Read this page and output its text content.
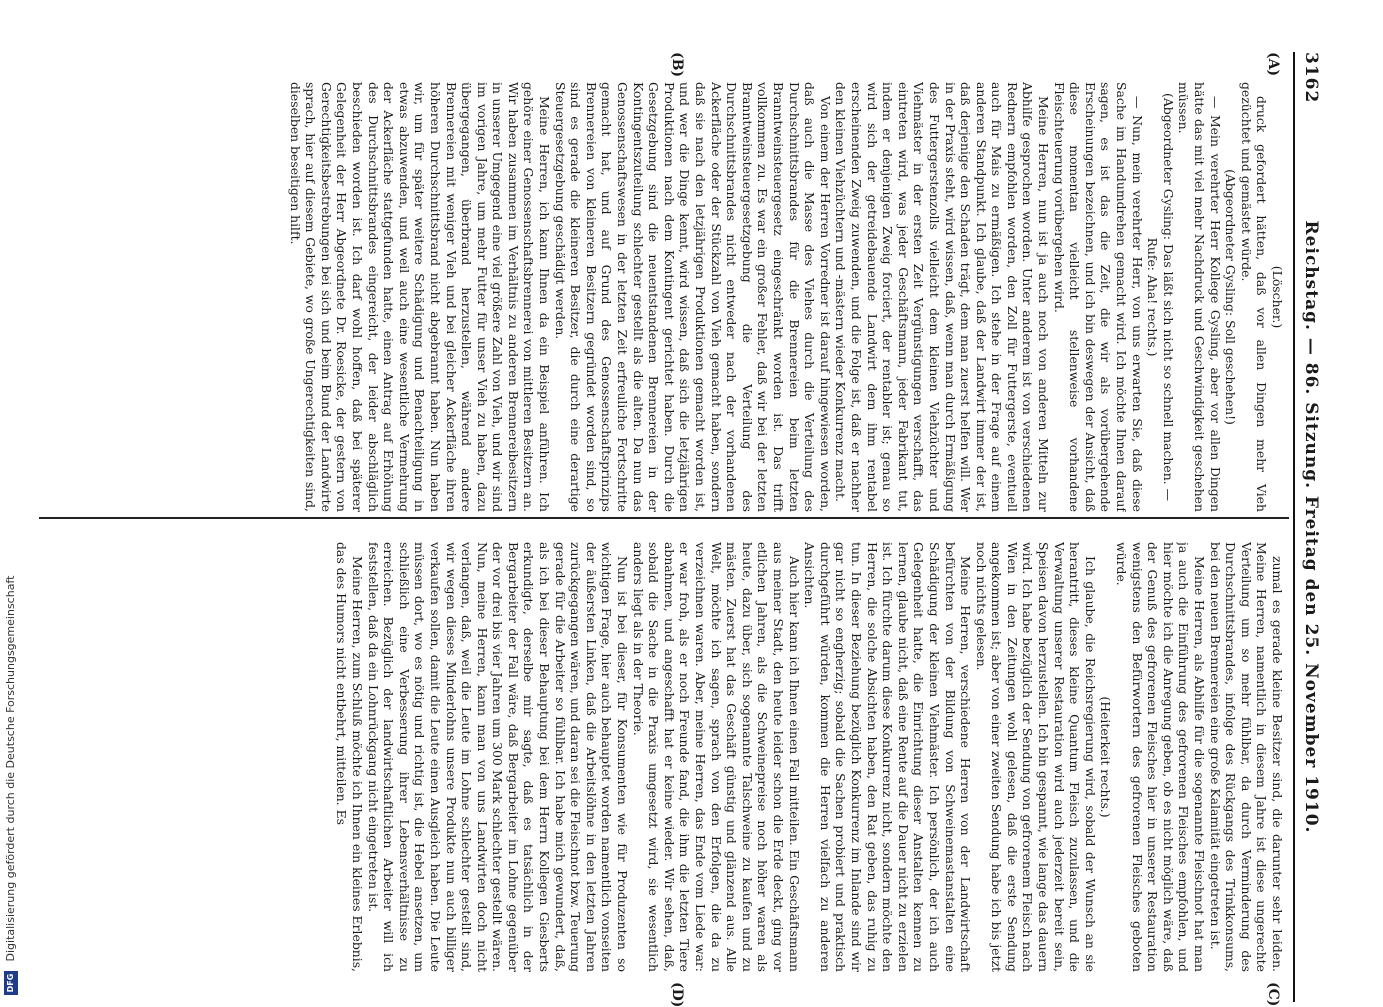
3162
Reichstag. — 86. Sitzung. Freitag den 25. November 1910.
(A)
(B)
(C)
(D)

(Löscher.)

druck gefordert hätten, daß vor allen Dingen mehr Vieh gezüchtet und gemästet würde.

(Abgeordneter Gysling: Soll geschehen!)

— Mein verehrter Herr Kollege Gysling, aber vor allen Dingen hätte das mit viel mehr Nachdruck und Geschwindigkeit geschehen müssen.

(Abgeordneter Gysling: Das läßt sich nicht so schnell machen. — Rufe: Aha! rechts.)

— Nun, mein verehrter Herr, von uns erwarten Sie, daß diese Sache im Handumdrehen gemacht wird. Ich möchte Ihnen darauf sagen, es ist das die Zeit, die wir als vorübergehende Erscheinungen bezeichnen, und ich bin deswegen der Ansicht, daß diese momentan vielleicht stellenweise vorhandene Fleischteuerung vorübergehen wird.

Meine Herren, nun ist ja auch noch von anderen Mitteln zur Abhilfe gesprochen worden. Unter anderem ist von verschiedenen Rednern empfohlen worden, den Zoll für Futtergerste, eventuell auch für Mais zu ermäßigen. Ich stehe in der Frage auf einem anderen Standpunkt. Ich glaube, daß der Landwirt immer der ist, daß derjenige den Schaden trägt, dem man zuerst helfen will. Wer in der Praxis steht, wird wissen, daß, wenn man durch Ermäßigung des Futtergerstenzolls vielleicht dem kleinen Viehzüchter und Viehmäster in der ersten Zeit Vergünstigungen verschafft, das eintreten wird, was jeder Geschäftsmann, jeder Fabrikant tut, indem er denjenigen Zweig forciert, der rentabler ist; genau so wird sich der getreidebauende Landwirt dem ihm rentabel erscheinenden Zweig zuwenden, und die Folge ist, daß er nachher den kleinen Viehzüchtern und -mästern wieder Konkurrenz macht.

Von einem der Herren Vorredner ist darauf hingewiesen worden, daß auch die Masse des Viehes durch die Verteilung des Durchschnittsbrandes für die Brennereien beim letzten Branntweinsteuergesetz eingeschränkt worden ist. Das trifft vollkommen zu. Es war ein großer Fehler, daß wir bei der letzten Branntweinsteuergesetzgebung die Verteilung des Durchschnittsbrandes nicht entweder nach der vorhandenen Ackerfläche oder der Stückzahl von Vieh gemacht haben, sondern daß sie nach den letzjährigen Produktionen gemacht worden ist, und wer die Dinge kennt, wird wissen, daß sich die letzjährigen Produktionen nach dem Kontingent gerichtet haben. Durch die Gesetzgebung sind die neuentstandenen Brennereien in der Kontingentszuteilung schlechter gestellt als die alten. Da nun das Genossenschaftswesen in der letzten Zeit erfreuliche Fortschritte gemacht hat, und auf Grund des Genossenschaftsprinzips Brennereien von kleineren Besitzern gegründet worden sind, so sind es gerade die kleineren Besitzer, die durch eine derartige Steuergesetzgebung geschädigt werden.

Meine Herren, ich kann Ihnen da ein Beispiel anführen. Ich gehöre einer Genossenschaftsbrennerei von mittleren Besitzern an. Wir haben zusammen im Verhältnis zu anderen Brennereibesitzern in unserer Umgegend eine viel größere Zahl von Vieh, und wir sind im vorigen Jahre, um mehr Futter für unser Vieh zu haben, dazu übergegangen, überbrand herzustellen, während andere Brennereien mit weniger Vieh und bei gleicher Ackerfläche ihren höheren Durchschnittsbrand nicht abgebrannt haben. Nun haben wir, um für später weitere Schädigung und Benachteiligung in etwas abzuwenden, und weil auch eine wesentliche Vermehrung der Ackerfläche stattgefunden hatte, einen Antrag auf Erhöhung des Durchschnittsbrandes eingereicht, der leider abschläglich beschieden worden ist. Ich darf wohl hoffen, daß bei späterer Gelegenheit der Herr Abgeordnete Dr. Roesicke, der gestern von Gerechtigkeitsbestrebungen bei sich und beim Bund der Landwirte sprach, hier auf diesem Gebiete, wo große Ungerechtigkeiten sind, dieselben beseitigen hilft.

zumal es gerade kleine Besitzer sind, die darunter sehr leiden. Meine Herren, namentlich in diesem Jahre ist diese ungerechte Verteilung um so mehr fühlbar, da durch Verminderung des Durchschnittsbrandes, infolge des Rückgangs des Trinkkonsums, bei den neuen Brennereien eine große Kalamität eingetreten ist.

Meine Herren, als Abhilfe für die sogenannte Fleischnot hat man ja auch die Einführung des gefrorenen Fleisches empfohlen, und hier möchte ich die Anregung geben, ob es nicht möglich wäre, daß der Genuß des gefrorenen Fleisches hier in unserer Restauration wenigstens den Befürwortern des gefrorenen Fleisches geboten würde.

(Heiterkeit rechts.)

Ich glaube, die Reichsregierung wird, sobald der Wunsch an sie herantritt, dieses kleine Quantum Fleisch zuzulassen, und die Verwaltung unserer Restauration wird auch jederzeit bereit sein, Speisen davon herzustellen. Ich bin gespannt, wie lange das dauern wird. Ich habe bezüglich der Sendung von gefrorenem Fleisch nach Wien in den Zeitungen wohl gelesen, daß die erste Sendung angekommen ist; aber von einer zweiten Sendung habe ich bis jetzt noch nichts gelesen.

Meine Herren, verschiedene Herren von der Landwirtschaft befürchten von der Bildung von Schweinemastanstalten eine Schädigung der kleinen Viehmäster. Ich persönlich, der ich auch Gelegenheit hatte, die Einrichtung dieser Anstalten kennen zu lernen, glaube nicht, daß eine Rente auf die Dauer nicht zu erzielen ist. Ich fürchte darum diese Konkurrenz nicht, sondern möchte den Herren, die solche Absichten haben, den Rat geben, das ruhig zu tun. In dieser Beziehung bezüglich Konkurrenz im Inlande sind wir gar nicht so engherzig; sobald die Sachen probiert und praktisch durchgeführt würden, kommen die Herren vielfach zu anderen Ansichten.

Auch hier kann ich Ihnen einen Fall mitteilen. Ein Geschäftsmann aus meiner Stadt, den heute leider schon die Erde deckt, ging vor etlichen Jahren, als die Schweinepreise noch höher waren als heute, dazu über, sich sogenannte Talschweine zu kaufen und zu mästen. Zuerst hat das Geschäft günstig und glänzend aus. Alle Welt, möchte ich sagen, sprach von den Erfolgen, die da zu verzeichnen waren. Aber, meine Herren, das Ende vom Liede war: er war froh, als er noch Freunde fand, die ihm die letzten Tiere abnahmen, und angeschafft hat er keine wieder. Wir sehen, daß, sobald die Sache in die Praxis umgesetzt wird, sie wesentlich anders liegt als in der Theorie.

Nun ist bei dieser, für Konsumenten wie für Produzenten so wichtigen Frage, hier auch behauptet worden namentlich vonseiten der äußersten Linken, daß die Arbeitslöhne in den letzten Jahren zurückgegangen wären, und daran sei die Fleischnot bzw. Teuerung gerade für die Arbeiter so fühlbar. Ich habe mich gewundert, daß, als ich bei dieser Behauptung bei dem Herrn Kollegen Giesberts erkundigte, derselbe mir sagte, daß es tatsächlich in der Bergarbeiter der Fall wäre, daß Bergarbeiter im Lohne gegenüber der vor drei bis vier Jahren um 300 Mark schlechter gestellt wären. Nun, meine Herren, kann man von uns Landwirten doch nicht verlangen, daß, weil die Leute im Lohne schlechter gestellt sind, wir wegen dieses Minderlohns unsere Produkte nun auch billiger verkaufen sollen, damit die Leute einen Ausgleich haben. Die Leute müssen dort, wo es nötig und richtig ist, die Hebel ansetzen, um schließlich eine Verbesserung ihrer Lebensverhältnisse zu erreichen. Bezüglich der landwirtschaftlichen Arbeiter will ich feststellen, daß da ein Lohnrückgang nicht eingetreten ist.

Meine Herren, zum Schluß möchte ich Ihnen ein kleines Erlebnis, das des Humors nicht entbehrt, mitteilen. Es

DFG Digitalisierung gefördert durch die Deutsche Forschungsgemeinschaft
